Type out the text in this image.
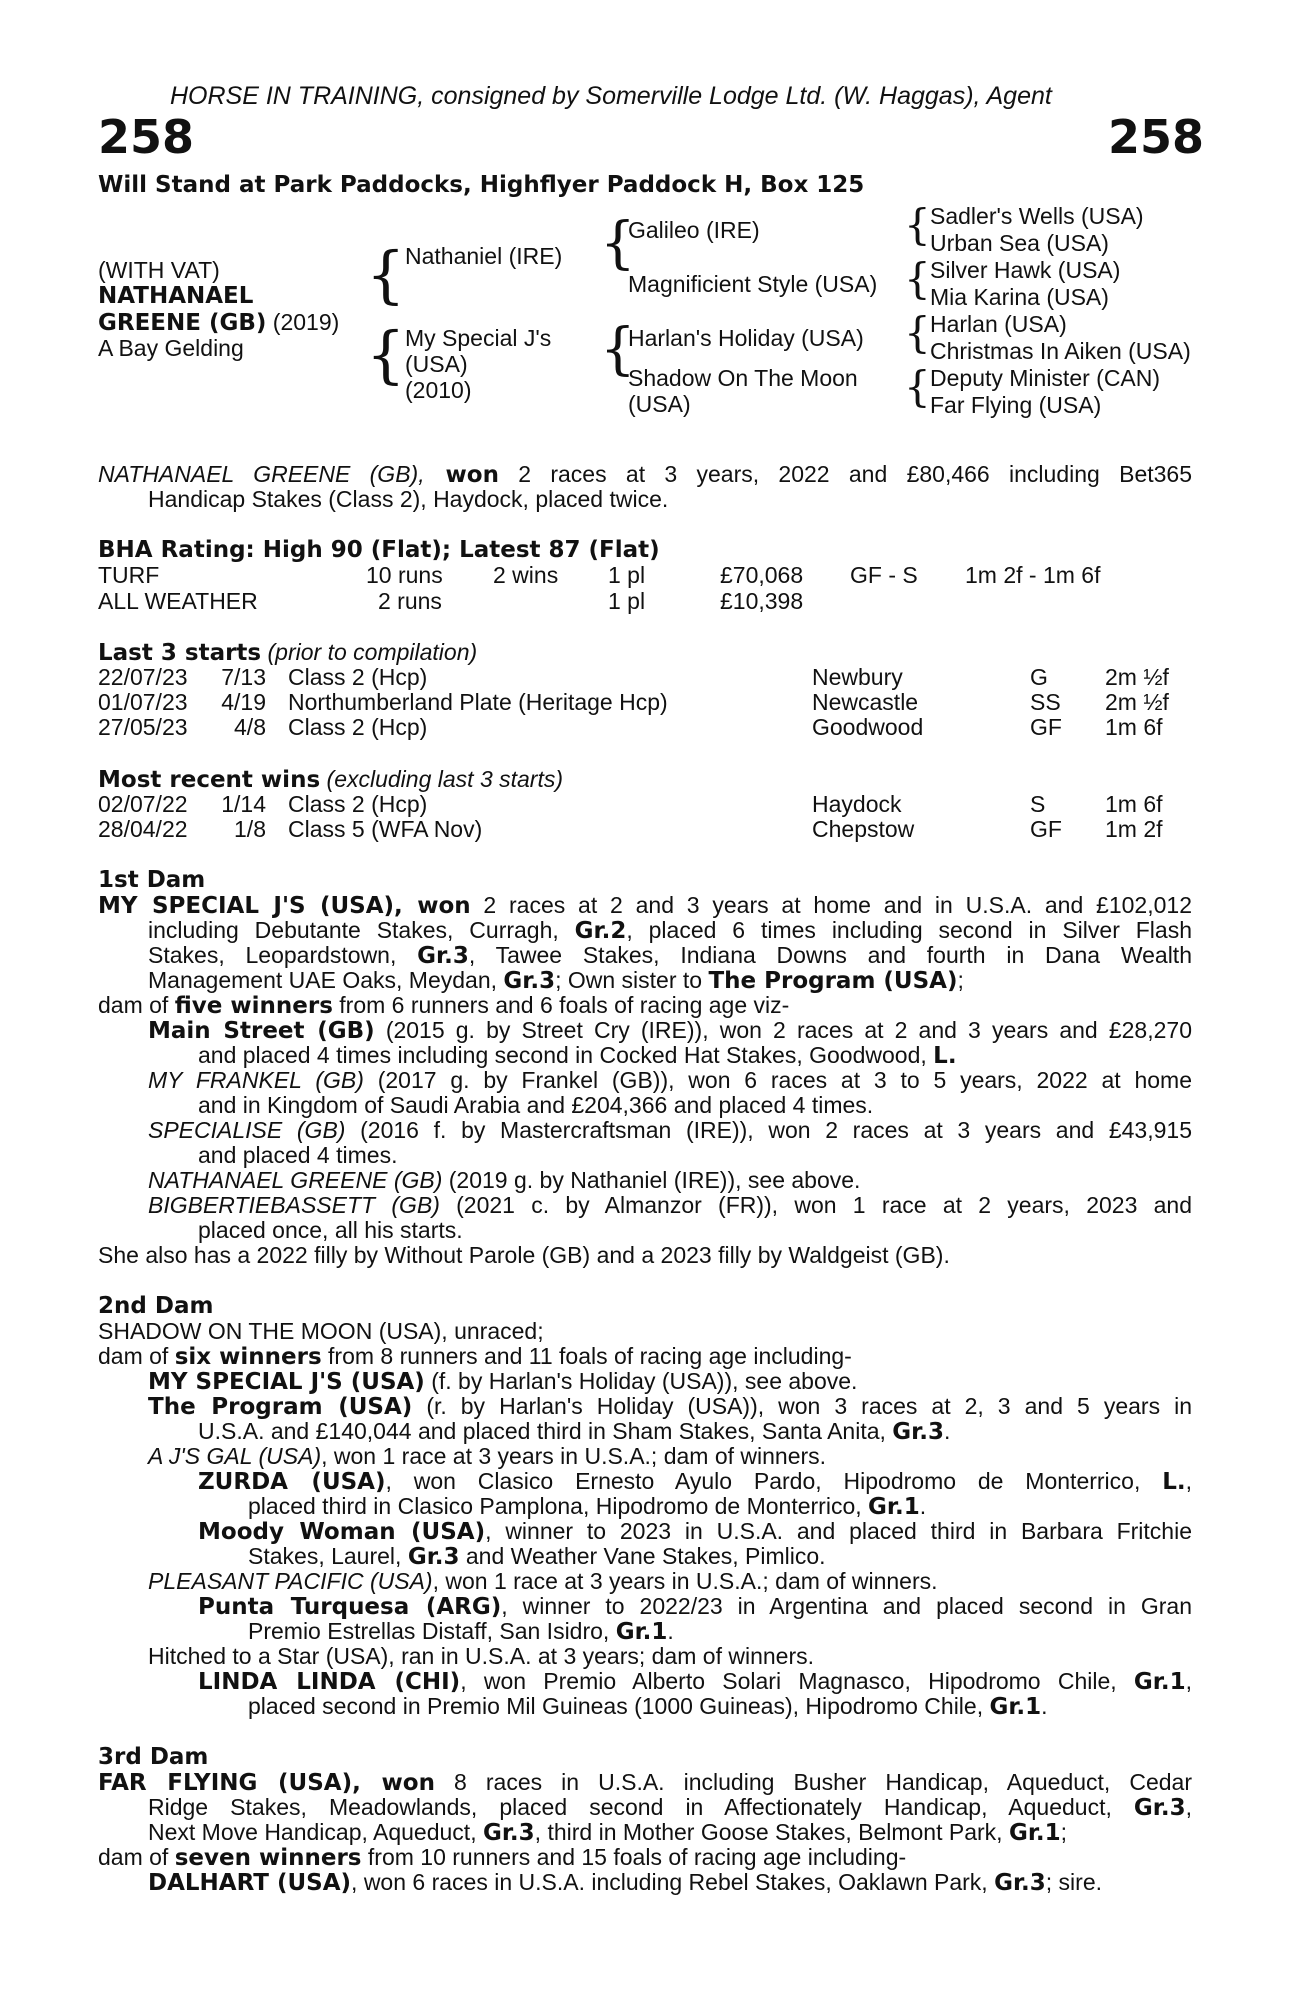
HORSE IN TRAINING, consigned by Somerville Lodge Ltd. (W. Haggas), Agent
258	258
Will Stand at Park Paddocks, Highflyer Paddock H, Box 125
(WITH VAT)
NATHANAEL
GREENE (GB) (2019)
A Bay Gelding
{
{
Nathaniel (IRE)
My Special J's
(USA)
(2010)
{
{
Galileo (IRE)
Magnificient Style (USA)
Harlan's Holiday (USA)
Shadow On The Moon
(USA)
{
{
{
{
Sadler's Wells (USA)
Urban Sea (USA)
Silver Hawk (USA)
Mia Karina (USA)
Harlan (USA)
Christmas In Aiken (USA)
Deputy Minister (CAN)
Far Flying (USA)
NATHANAEL GREENE (GB), won 2 races at 3 years, 2022 and £80,466 including Bet365
Handicap Stakes (Class 2), Haydock, placed twice.
BHA Rating: High 90 (Flat); Latest 87 (Flat)
TURF	10 runs 2 wins 1 pl	£70,068 GF - S 1m 2f - 1m 6f
ALL WEATHER	2 runs	1 pl	£10,398
Last 3 starts (prior to compilation)
22/07/23	7/13 Class 2 (Hcp)	Newbury	G 2m ½f
01/07/23	4/19 Northumberland Plate (Heritage Hcp)	Newcastle	SS 2m ½f
27/05/23	4/8 Class 2 (Hcp)	Goodwood	GF 1m 6f
Most recent wins (excluding last 3 starts)
02/07/22	1/14 Class 2 (Hcp)	Haydock	S	1m 6f
28/04/22	1/8 Class 5 (WFA Nov)	Chepstow	GF 1m 2f
1st Dam
MY SPECIAL J'S (USA), won 2 races at 2 and 3 years at home and in U.S.A. and £102,012
including Debutante Stakes, Curragh, Gr.2, placed 6 times including second in Silver Flash
Stakes, Leopardstown, Gr.3, Tawee Stakes, Indiana Downs and fourth in Dana Wealth
Management UAE Oaks, Meydan, Gr.3; Own sister to The Program (USA);
dam of five winners from 6 runners and 6 foals of racing age viz-
Main Street (GB) (2015 g. by Street Cry (IRE)), won 2 races at 2 and 3 years and £28,270
and placed 4 times including second in Cocked Hat Stakes, Goodwood, L.
MY FRANKEL (GB) (2017 g. by Frankel (GB)), won 6 races at 3 to 5 years, 2022 at home
and in Kingdom of Saudi Arabia and £204,366 and placed 4 times.
SPECIALISE (GB) (2016 f. by Mastercraftsman (IRE)), won 2 races at 3 years and £43,915
and placed 4 times.
NATHANAEL GREENE (GB) (2019 g. by Nathaniel (IRE)), see above.
BIGBERTIEBASSETT (GB) (2021 c. by Almanzor (FR)), won 1 race at 2 years, 2023 and
placed once, all his starts.
She also has a 2022 filly by Without Parole (GB) and a 2023 filly by Waldgeist (GB).
2nd Dam
SHADOW ON THE MOON (USA), unraced;
dam of six winners from 8 runners and 11 foals of racing age including-
MY SPECIAL J'S (USA) (f. by Harlan's Holiday (USA)), see above.
The Program (USA) (r. by Harlan's Holiday (USA)), won 3 races at 2, 3 and 5 years in
U.S.A. and £140,044 and placed third in Sham Stakes, Santa Anita, Gr.3.
A J'S GAL (USA), won 1 race at 3 years in U.S.A.; dam of winners.
ZURDA (USA), won Clasico Ernesto Ayulo Pardo, Hipodromo de Monterrico, L.,
placed third in Clasico Pamplona, Hipodromo de Monterrico, Gr.1.
Moody Woman (USA), winner to 2023 in U.S.A. and placed third in Barbara Fritchie
Stakes, Laurel, Gr.3 and Weather Vane Stakes, Pimlico.
PLEASANT PACIFIC (USA), won 1 race at 3 years in U.S.A.; dam of winners.
Punta Turquesa (ARG), winner to 2022/23 in Argentina and placed second in Gran
Premio Estrellas Distaff, San Isidro, Gr.1.
Hitched to a Star (USA), ran in U.S.A. at 3 years; dam of winners.
LINDA LINDA (CHI), won Premio Alberto Solari Magnasco, Hipodromo Chile, Gr.1,
placed second in Premio Mil Guineas (1000 Guineas), Hipodromo Chile, Gr.1.
3rd Dam
FAR FLYING (USA), won 8 races in U.S.A. including Busher Handicap, Aqueduct, Cedar
Ridge Stakes, Meadowlands, placed second in Affectionately Handicap, Aqueduct, Gr.3,
Next Move Handicap, Aqueduct, Gr.3, third in Mother Goose Stakes, Belmont Park, Gr.1;
dam of seven winners from 10 runners and 15 foals of racing age including-
DALHART (USA), won 6 races in U.S.A. including Rebel Stakes, Oaklawn Park, Gr.3; sire.
